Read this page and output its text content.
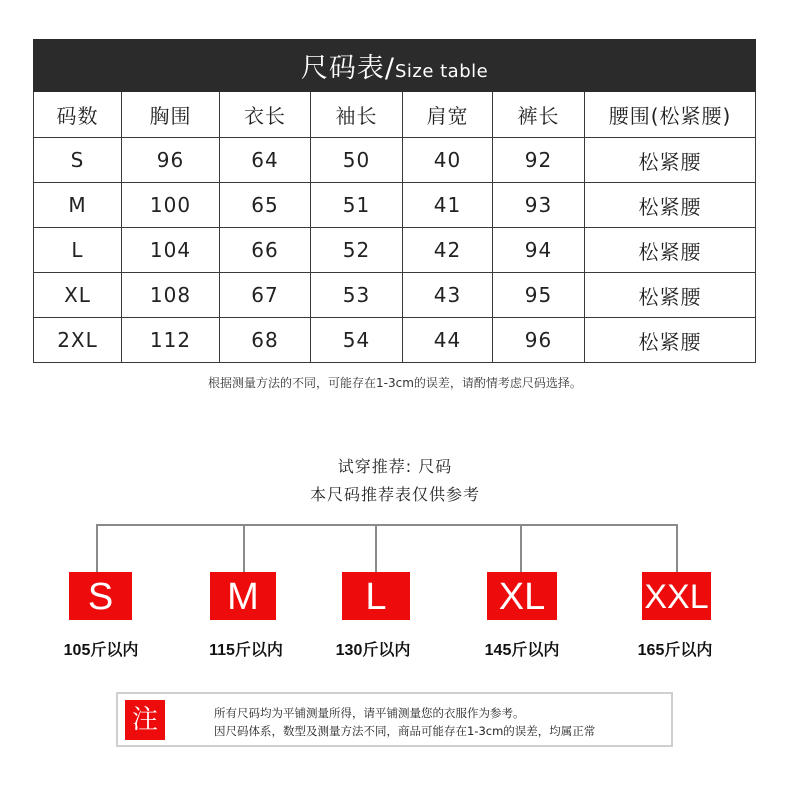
尺码表/Size table						
码数	胸围	衣长	袖长	肩宽	裤长	腰围(松紧腰)
S	96	64	50	40	92	松紧腰
M	100	65	51	41	93	松紧腰
L	104	66	52	42	94	松紧腰
XL	108	67	53	43	95	松紧腰
2XL	112	68	54	44	96	松紧腰
根据测量方法的不同，可能存在1-3cm的误差，请酌情考虑尺码选择。
试穿推荐: 尺码
本尺码推荐表仅供参考
S	M	L	XL	XXL
105斤以内	115斤以内	130斤以内	145斤以内	165斤以内
注	所有尺码均为平铺测量所得，请平铺测量您的衣服作为参考。
因尺码体系，数型及测量方法不同，商品可能存在1-3cm的误差，均属正常
